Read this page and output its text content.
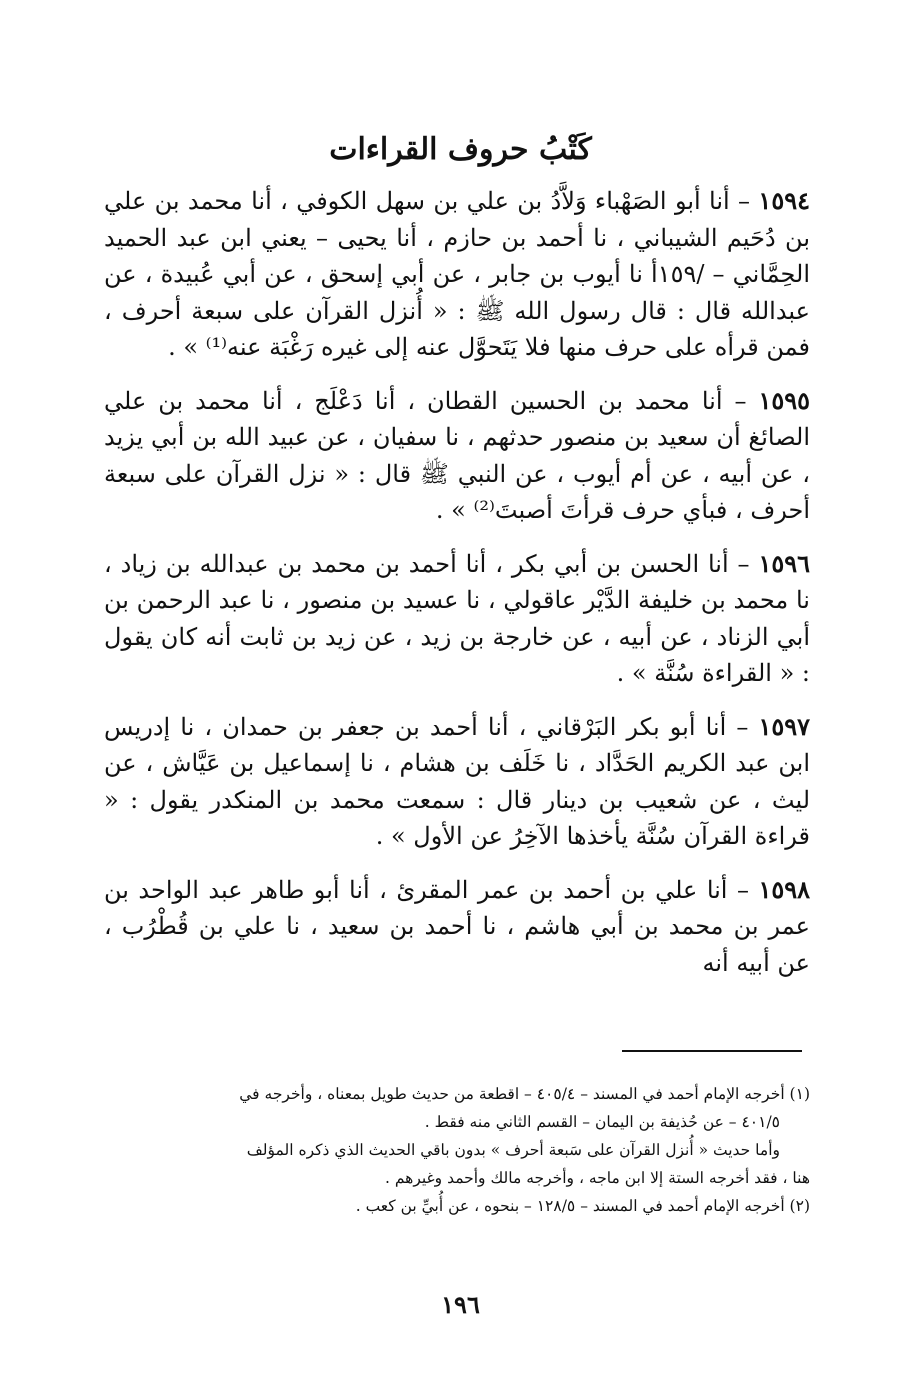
كَتْبُ حروف القراءات

١٥٩٤ – أنا أبو الصَهْباء وَلاَّدُ بن علي بن سهل الكوفي ، أنا محمد بن علي بن دُحَيم الشيباني ، نا أحمد بن حازم ، أنا يحيى – يعني ابن عبد الحميد الحِمَّاني – /١٥٩أ نا أيوب بن جابر ، عن أبي إسحق ، عن أبي عُبيدة ، عن عبدالله قال : قال رسول الله ﷺ : « أُنزل القرآن على سبعة أحرف ، فمن قرأه على حرف منها فلا يَتَحوَّل عنه إلى غيره رَغْبَة عنه⁽¹⁾ » .

١٥٩٥ – أنا محمد بن الحسين القطان ، أنا دَعْلَج ، أنا محمد بن علي الصائغ أن سعيد بن منصور حدثهم ، نا سفيان ، عن عبيد الله بن أبي يزيد ، عن أبيه ، عن أم أيوب ، عن النبي ﷺ قال : « نزل القرآن على سبعة أحرف ، فبأي حرف قرأتَ أصبتَ⁽²⁾ » .

١٥٩٦ – أنا الحسن بن أبي بكر ، أنا أحمد بن محمد بن عبدالله بن زياد ، نا محمد بن خليفة الدَّيْر عاقولي ، نا عسيد بن منصور ، نا عبد الرحمن بن أبي الزناد ، عن أبيه ، عن خارجة بن زيد ، عن زيد بن ثابت أنه كان يقول : « القراءة سُنَّة » .

١٥٩٧ – أنا أبو بكر البَرْقاني ، أنا أحمد بن جعفر بن حمدان ، نا إدريس ابن عبد الكريم الحَدَّاد ، نا خَلَف بن هشام ، نا إسماعيل بن عَيَّاش ، عن ليث ، عن شعيب بن دينار قال : سمعت محمد بن المنكدر يقول : « قراءة القرآن سُنَّة يأخذها الآخِرُ عن الأول » .

١٥٩٨ – أنا علي بن أحمد بن عمر المقرئ ، أنا أبو طاهر عبد الواحد بن عمر بن محمد بن أبي هاشم ، نا أحمد بن سعيد ، نا علي بن قُطْرُب ، عن أبيه أنه

(١) أخرجه الإمام أحمد في المسند – ٤٠٥/٤ – اقطعة من حديث طويل بمعناه ، وأخرجه في

٤٠١/٥ – عن حُذيفة بن اليمان – القسم الثاني منه فقط .

وأما حديث « أُنزل القرآن على سَبعة أحرف » بدون باقي الحديث الذي ذكره المؤلف

هنا ، فقد أخرجه الستة إلا ابن ماجه ، وأخرجه مالك وأحمد وغيرهم .

(٢) أخرجه الإمام أحمد في المسند – ١٢٨/٥ – بنحوه ، عن أُبيِّ بن كعب .

١٩٦
